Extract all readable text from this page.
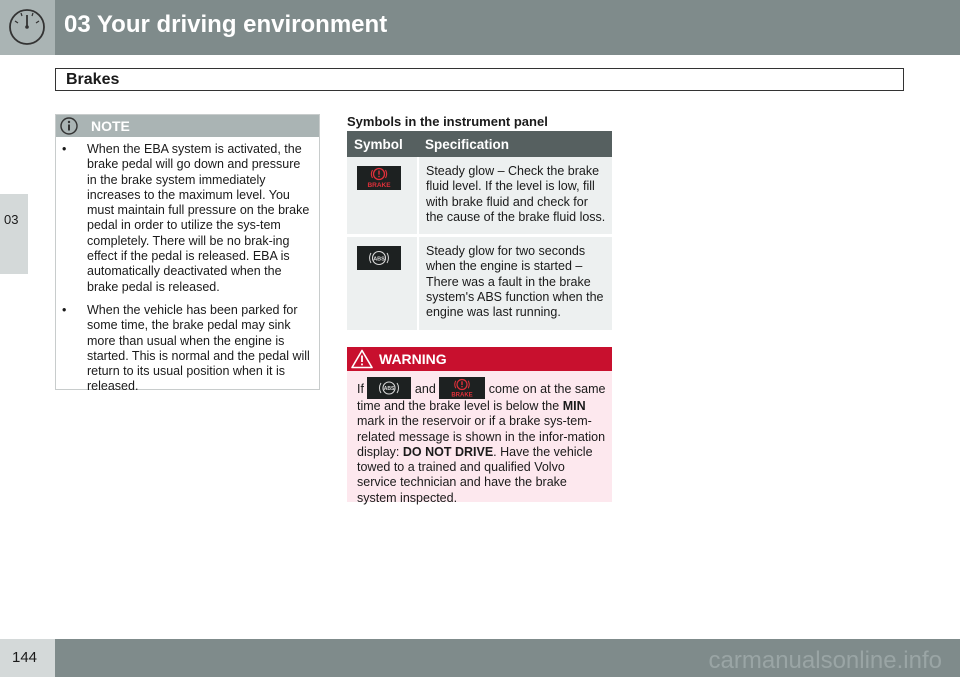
03 Your driving environment
Brakes
03
NOTE
• When the EBA system is activated, the brake pedal will go down and pressure in the brake system immediately increases to the maximum level. You must maintain full pressure on the brake pedal in order to utilize the sys-tem completely. There will be no brak-ing effect if the pedal is released. EBA is automatically deactivated when the brake pedal is released.
• When the vehicle has been parked for some time, the brake pedal may sink more than usual when the engine is started. This is normal and the pedal will return to its usual position when it is released.
Symbols in the instrument panel
Symbol	Specification

BRAKE	Steady glow – Check the brake fluid level. If the level is low, fill with brake fluid and check for the cause of the brake fluid loss.

ABS	Steady glow for two seconds when the engine is started – There was a fault in the brake system's ABS function when the engine was last running.
WARNING
If	ABS and	BRAKE come on at the same time and the brake level is below the MIN mark in the reservoir or if a brake sys-tem-related message is shown in the infor-mation display: DO NOT DRIVE. Have the vehicle towed to a trained and qualified Volvo service technician and have the brake system inspected.
144	carmanualsonline.info
